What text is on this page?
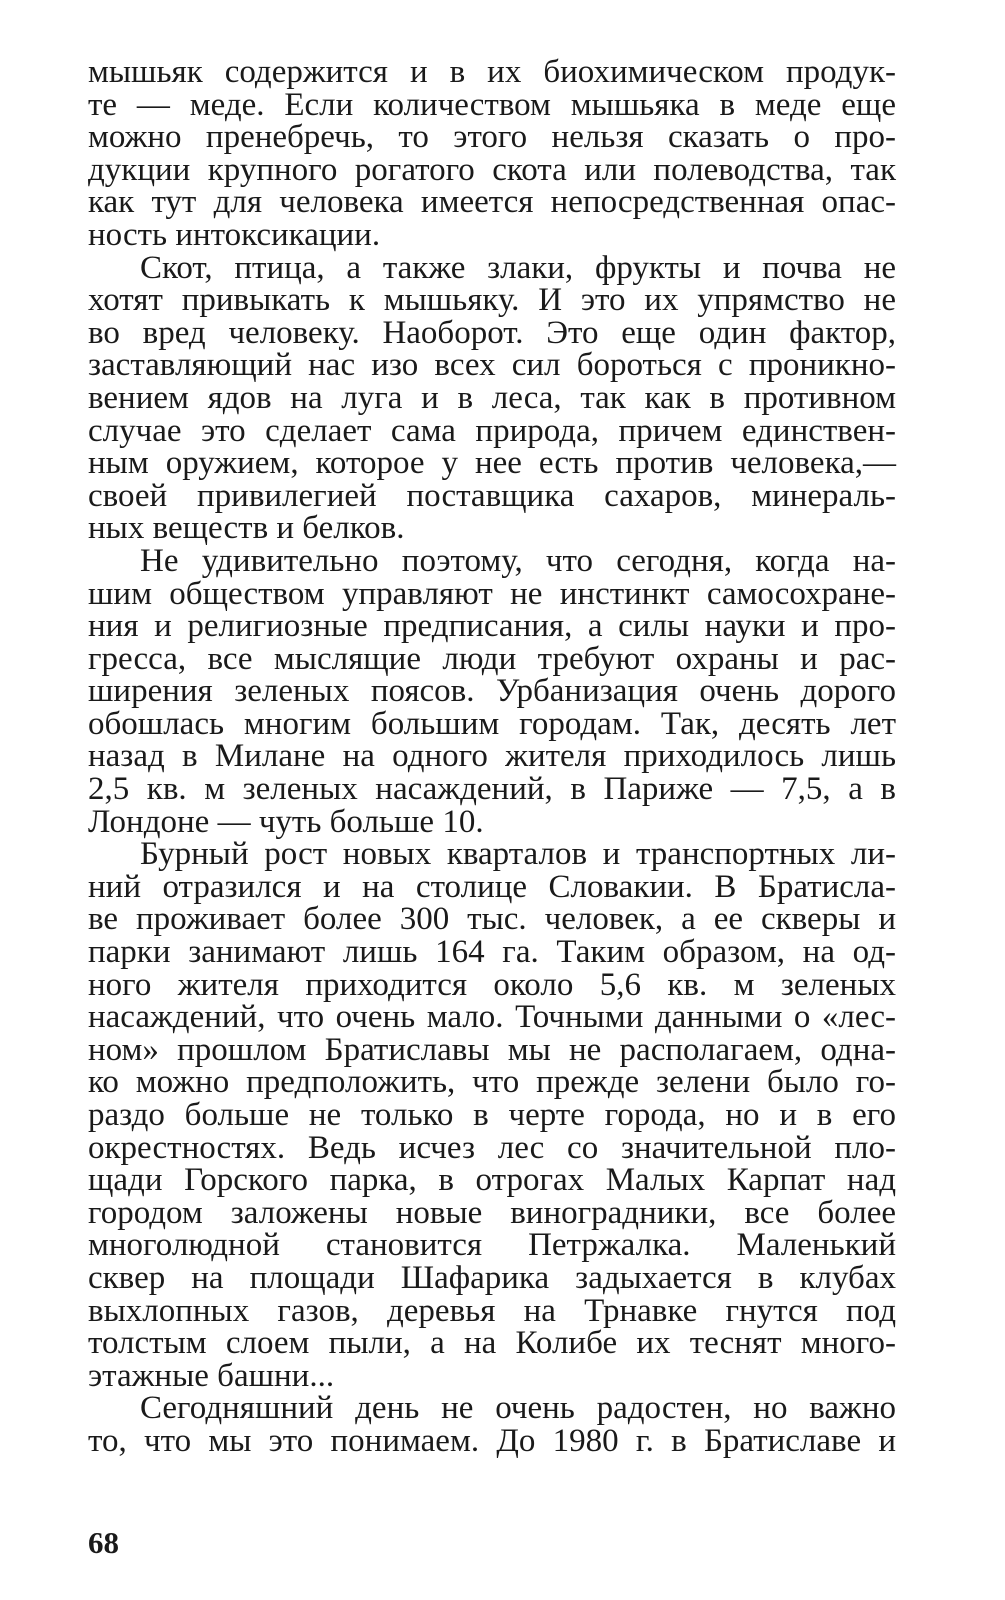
мышьяк содержится и в их биохимическом продук-
те — меде. Если количеством мышьяка в меде еще
можно пренебречь, то этого нельзя сказать о про-
дукции крупного рогатого скота или полеводства, так
как тут для человека имеется непосредственная опас-
ность интоксикации.
Скот, птица, а также злаки, фрукты и почва не
хотят привыкать к мышьяку. И это их упрямство не
во вред человеку. Наоборот. Это еще один фактор,
заставляющий нас изо всех сил бороться с проникно-
вением ядов на луга и в леса, так как в противном
случае это сделает сама природа, причем единствен-
ным оружием, которое у нее есть против человека,—
своей привилегией поставщика сахаров, минераль-
ных веществ и белков.
Не удивительно поэтому, что сегодня, когда на-
шим обществом управляют не инстинкт самосохране-
ния и религиозные предписания, а силы науки и про-
гресса, все мыслящие люди требуют охраны и рас-
ширения зеленых поясов. Урбанизация очень дорого
обошлась многим большим городам. Так, десять лет
назад в Милане на одного жителя приходилось лишь
2,5 кв. м зеленых насаждений, в Париже — 7,5, а в
Лондоне — чуть больше 10.
Бурный рост новых кварталов и транспортных ли-
ний отразился и на столице Словакии. В Братисла-
ве проживает более 300 тыс. человек, а ее скверы и
парки занимают лишь 164 га. Таким образом, на од-
ного жителя приходится около 5,6 кв. м зеленых
насаждений, что очень мало. Точными данными о «лес-
ном» прошлом Братиславы мы не располагаем, одна-
ко можно предположить, что прежде зелени было го-
раздо больше не только в черте города, но и в его
окрестностях. Ведь исчез лес со значительной пло-
щади Горского парка, в отрогах Малых Карпат над
городом заложены новые виноградники, все более
многолюдной становится Петржалка. Маленький
сквер на площади Шафарика задыхается в клубах
выхлопных газов, деревья на Трнавке гнутся под
толстым слоем пыли, а на Колибе их теснят много-
этажные башни...
Сегодняшний день не очень радостен, но важно
то, что мы это понимаем. До 1980 г. в Братиславе и
68
